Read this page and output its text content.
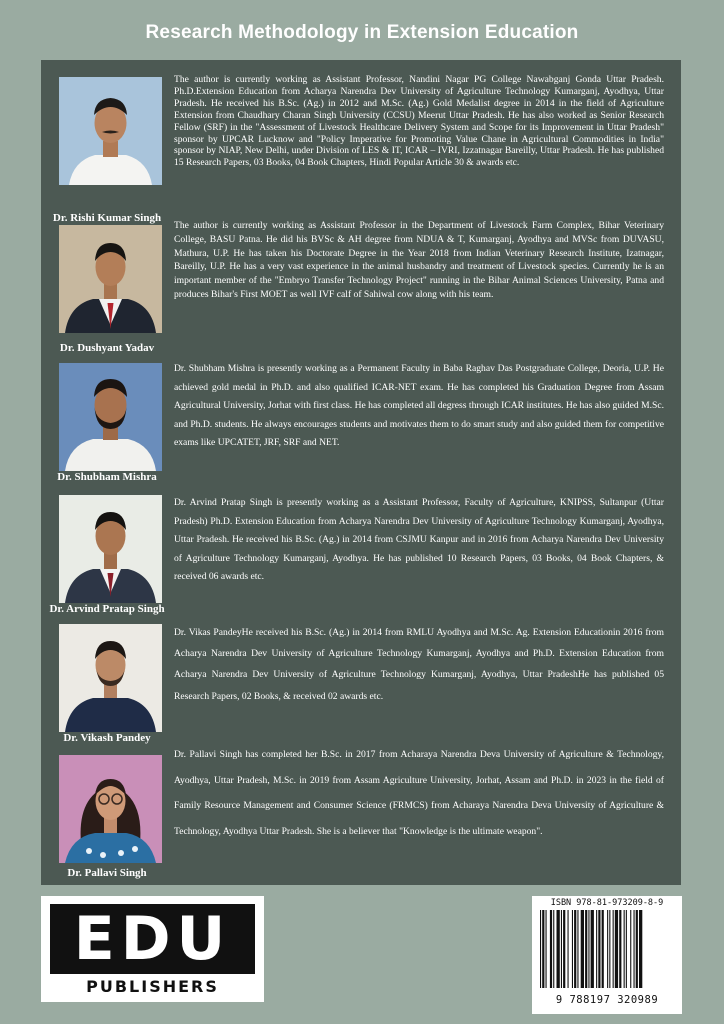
Research Methodology in Extension Education
Dr. Rishi Kumar Singh

The author is currently working as Assistant Professor, Nandini Nagar PG College Nawabganj Gonda Uttar Pradesh. Ph.D.Extension Education from Acharya Narendra Dev University of Agriculture Technology Kumarganj, Ayodhya, Uttar Pradesh. He received his B.Sc. (Ag.) in 2012 and M.Sc. (Ag.) Gold Medalist degree in 2014 in the field of Agriculture Extension from Chaudhary Charan Singh University (CCSU) Meerut Uttar Pradesh. He has also worked as Senior Research Fellow (SRF) in the "Assessment of Livestock Healthcare Delivery System and Scope for its Improvement in Uttar Pradesh" sponsor by UPCAR Lucknow and "Policy Imperative for Promoting Value Chane in Agricultural Commodities in India" sponsor by NIAP, New Delhi, under Division of LES & IT, ICAR – IVRI, Izzatnagar Bareilly, Uttar Pradesh. He has published 15 Research Papers, 03 Books, 04 Book Chapters, Hindi Popular Article 30 & awards etc.

Dr. Dushyant Yadav

The author is currently working as Assistant Professor in the Department of Livestock Farm Complex, Bihar Veterinary College, BASU Patna. He did his BVSc & AH degree from NDUA & T, Kumarganj, Ayodhya and MVSc from DUVASU, Mathura, U.P. He has taken his Doctorate Degree in the Year 2018 from Indian Veterinary Research Institute, Izatnagar, Bareilly, U.P. He has a very vast experience in the animal husbandry and treatment of Livestock species. Currently he is an important member of the "Embryo Transfer Technology Project" running in the Bihar Animal Sciences University, Patna and produces Bihar's First MOET as well IVF calf of Sahiwal cow along with his team.

Dr. Shubham Mishra

Dr. Shubham Mishra is presently working as a Permanent Faculty in Baba Raghav Das Postgraduate College, Deoria, U.P. He achieved gold medal in Ph.D. and also qualified ICAR-NET exam. He has completed his Graduation Degree from Assam Agricultural University, Jorhat with first class. He has completed all degress through ICAR institutes. He has also guided M.Sc. and Ph.D. students. He always encourages students and motivates them to do smart study and also guided them for competitive exams like UPCATET, JRF, SRF and NET.

Dr. Arvind Pratap Singh

Dr. Arvind Pratap Singh is presently working as a Assistant Professor, Faculty of Agriculture, KNIPSS, Sultanpur (Uttar Pradesh) Ph.D. Extension Education from Acharya Narendra Dev University of Agriculture Technology Kumarganj, Ayodhya, Uttar Pradesh. He received his B.Sc. (Ag.) in 2014 from CSJMU Kanpur and in 2016 from Acharya Narendra Dev University of Agriculture Technology Kumarganj, Ayodhya. He has published 10 Research Papers, 03 Books, 04 Book Chapters, & received 06 awards etc.

Dr. Vikash Pandey

Dr. Vikas PandeyHe received his B.Sc. (Ag.) in 2014 from RMLU Ayodhya and M.Sc. Ag. Extension Educationin 2016 from Acharya Narendra Dev University of Agriculture Technology Kumarganj, Ayodhya and Ph.D. Extension Education from Acharya Narendra Dev University of Agriculture Technology Kumarganj, Ayodhya, Uttar PradeshHe has published 05 Research Papers, 02 Books, & received 02 awards etc.

Dr. Pallavi Singh

Dr. Pallavi Singh has completed her B.Sc. in 2017 from Acharaya Narendra Deva University of Agriculture & Technology, Ayodhya, Uttar Pradesh, M.Sc. in 2019 from Assam Agriculture University, Jorhat, Assam and Ph.D. in 2023 in the field of Family Resource Management and Consumer Science (FRMCS) from Acharaya Narendra Deva University of Agriculture & Technology, Ayodhya Uttar Pradesh. She is a believer that "Knowledge is the ultimate weapon".

EDU
PUBLISHERS
ISBN 978-81-973209-8-9
9 788197 320989
